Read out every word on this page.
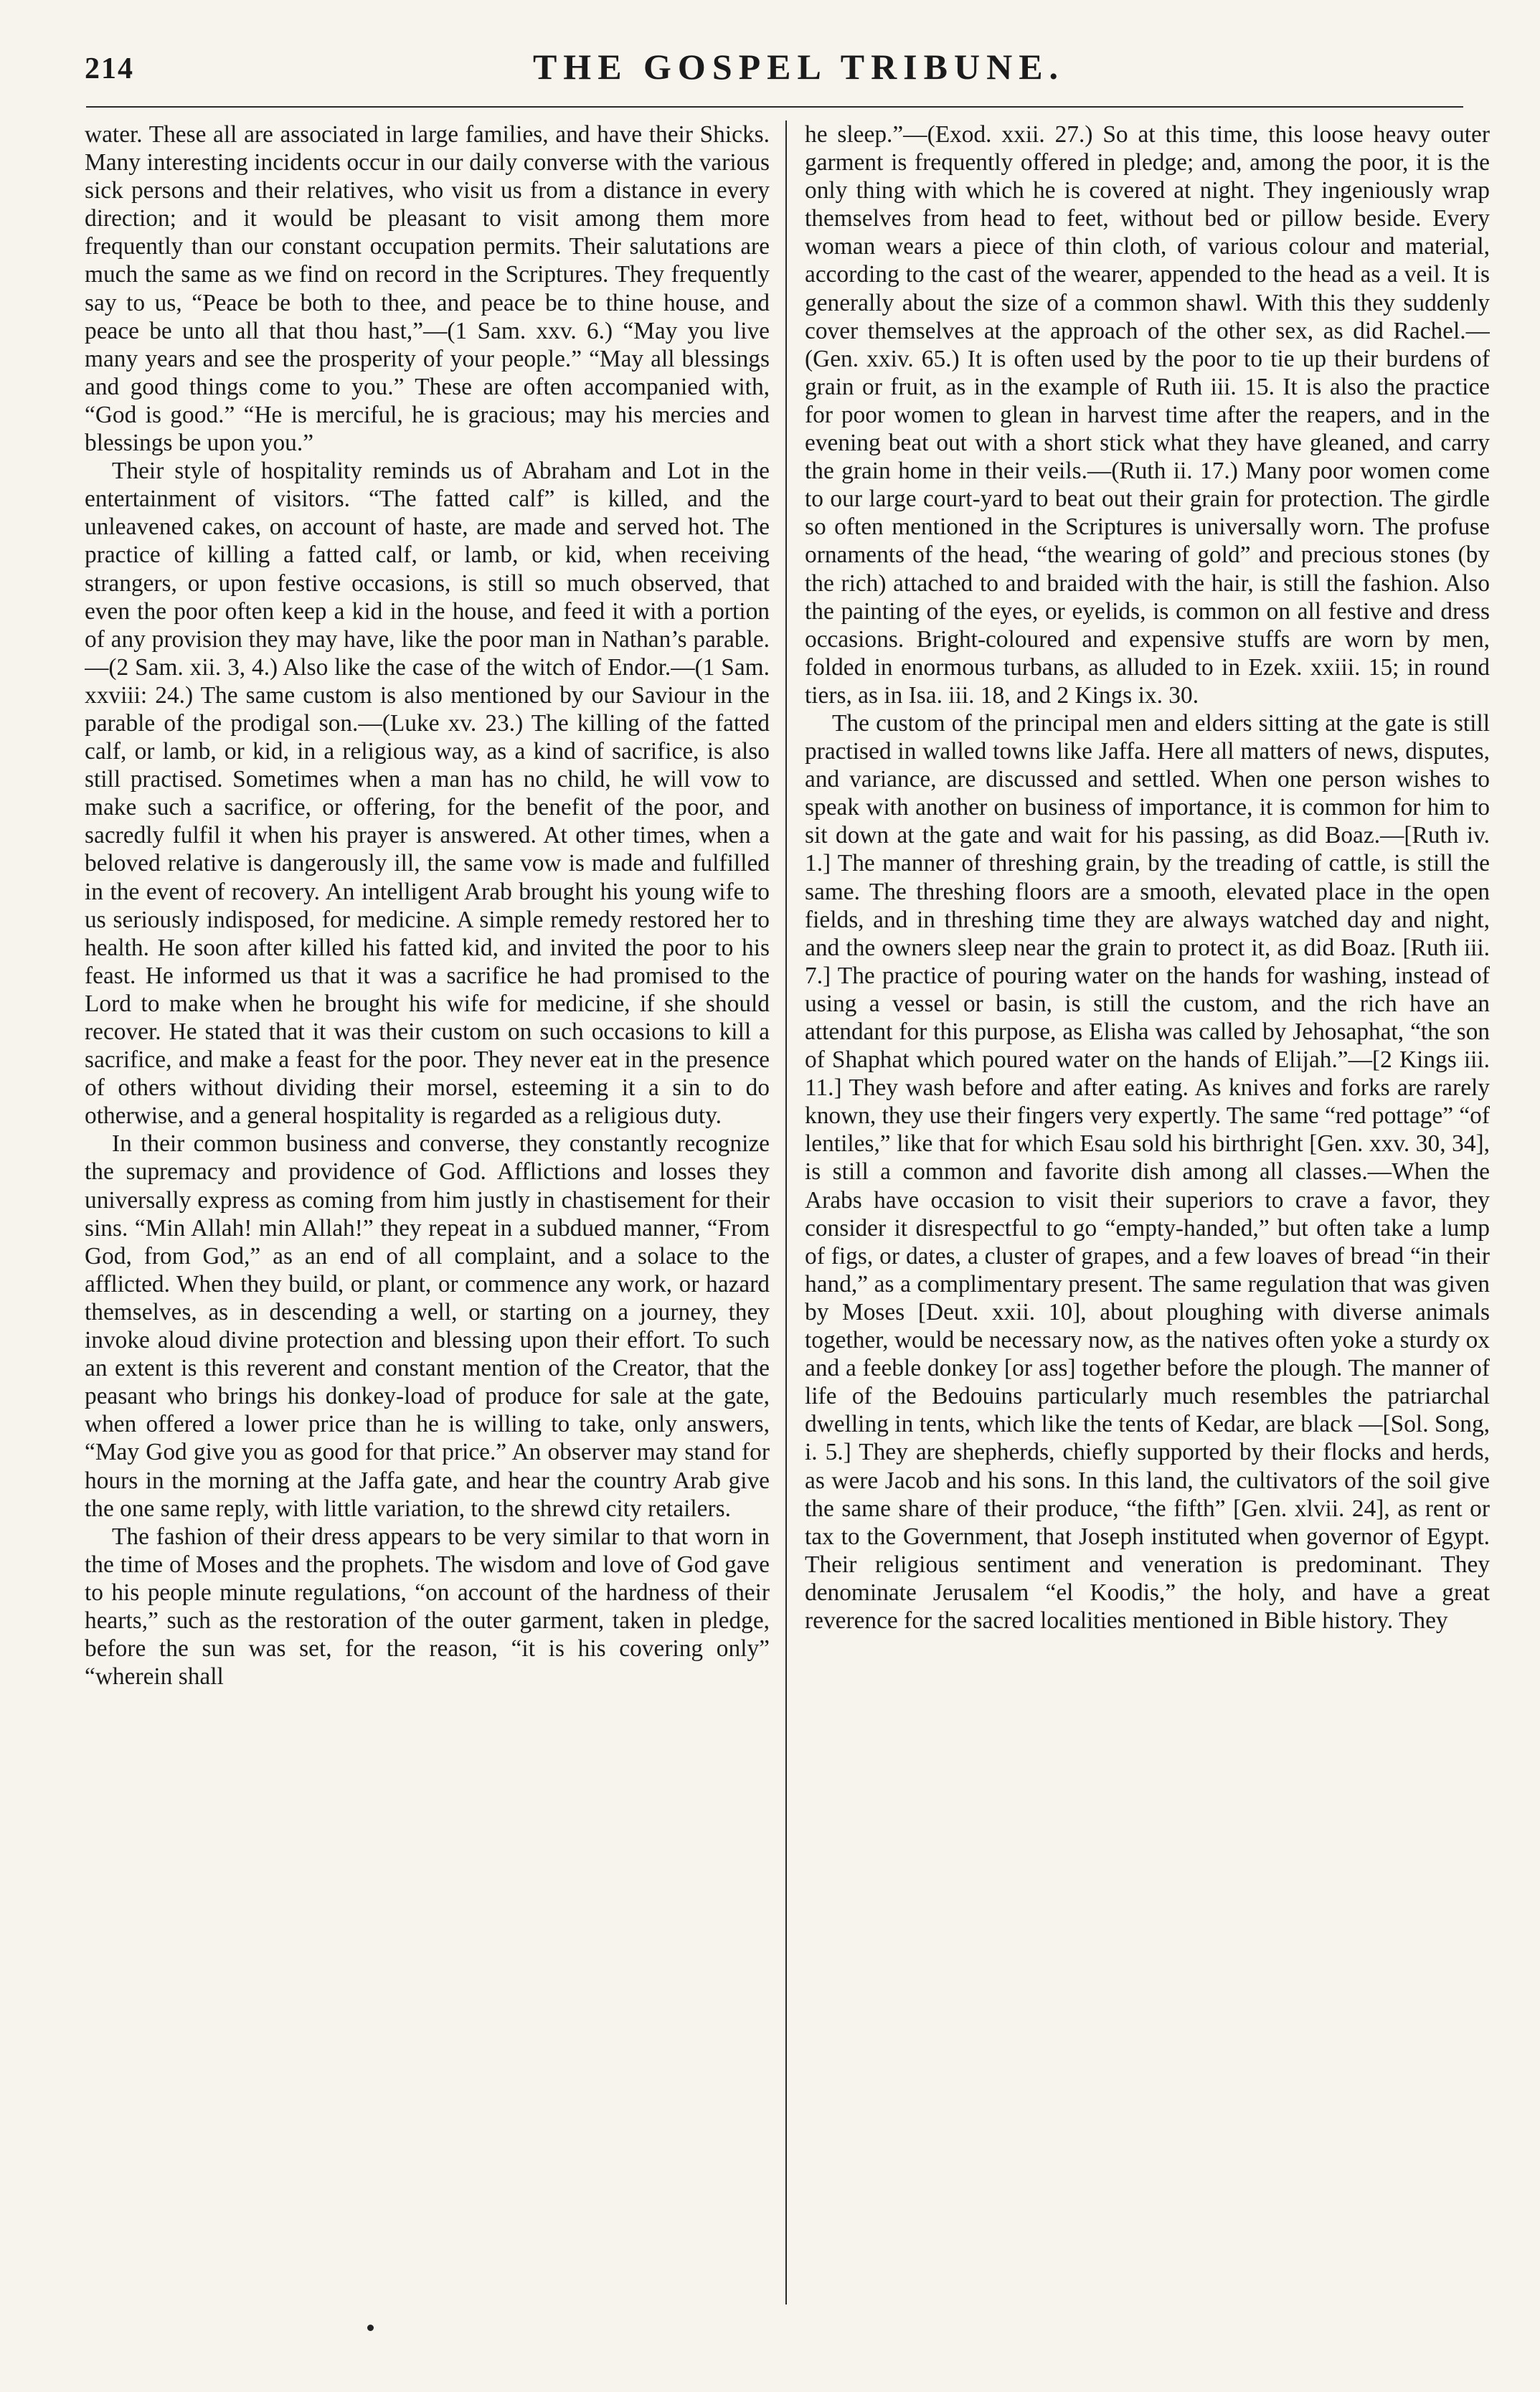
214	THE GOSPEL TRIBUNE.

water. These all are associated in large families, and have their Shicks. Many interesting incidents occur in our daily converse with the various sick persons and their relatives, who visit us from a distance in every direction; and it would be pleasant to visit among them more frequently than our constant occupation permits. Their salutations are much the same as we find on record in the Scriptures. They frequently say to us, “Peace be both to thee, and peace be to thine house, and peace be unto all that thou hast,”—(1 Sam. xxv. 6.) “May you live many years and see the prosperity of your people.” “May all blessings and good things come to you.” These are often accompanied with, “God is good.” “He is merciful, he is gracious; may his mercies and blessings be upon you.”

Their style of hospitality reminds us of Abraham and Lot in the entertainment of visitors. “The fatted calf” is killed, and the unleavened cakes, on account of haste, are made and served hot. The practice of killing a fatted calf, or lamb, or kid, when receiving strangers, or upon festive occasions, is still so much observed, that even the poor often keep a kid in the house, and feed it with a portion of any provision they may have, like the poor man in Nathan’s parable.—(2 Sam. xii. 3, 4.) Also like the case of the witch of Endor.—(1 Sam. xxviii: 24.) The same custom is also mentioned by our Saviour in the parable of the prodigal son.—(Luke xv. 23.) The killing of the fatted calf, or lamb, or kid, in a religious way, as a kind of sacrifice, is also still practised. Sometimes when a man has no child, he will vow to make such a sacrifice, or offering, for the benefit of the poor, and sacredly fulfil it when his prayer is answered. At other times, when a beloved relative is dangerously ill, the same vow is made and fulfilled in the event of recovery. An intelligent Arab brought his young wife to us seriously indisposed, for medicine. A simple remedy restored her to health. He soon after killed his fatted kid, and invited the poor to his feast. He informed us that it was a sacrifice he had promised to the Lord to make when he brought his wife for medicine, if she should recover. He stated that it was their custom on such occasions to kill a sacrifice, and make a feast for the poor. They never eat in the presence of others without dividing their morsel, esteeming it a sin to do otherwise, and a general hospitality is regarded as a religious duty.

In their common business and converse, they constantly recognize the supremacy and providence of God. Afflictions and losses they universally express as coming from him justly in chastisement for their sins. “Min Allah! min Allah!” they repeat in a subdued manner, “From God, from God,” as an end of all complaint, and a solace to the afflicted. When they build, or plant, or commence any work, or hazard themselves, as in descending a well, or starting on a journey, they invoke aloud divine protection and blessing upon their effort. To such an extent is this reverent and constant mention of the Creator, that the peasant who brings his donkey-load of produce for sale at the gate, when offered a lower price than he is willing to take, only answers, “May God give you as good for that price.” An observer may stand for hours in the morning at the Jaffa gate, and hear the country Arab give the one same reply, with little variation, to the shrewd city retailers.

The fashion of their dress appears to be very similar to that worn in the time of Moses and the prophets. The wisdom and love of God gave to his people minute regulations, “on account of the hardness of their hearts,” such as the restoration of the outer garment, taken in pledge, before the sun was set, for the reason, “it is his covering only” “wherein shall

he sleep.”—(Exod. xxii. 27.) So at this time, this loose heavy outer garment is frequently offered in pledge; and, among the poor, it is the only thing with which he is covered at night. They ingeniously wrap themselves from head to feet, without bed or pillow beside. Every woman wears a piece of thin cloth, of various colour and material, according to the cast of the wearer, appended to the head as a veil. It is generally about the size of a common shawl. With this they suddenly cover themselves at the approach of the other sex, as did Rachel.—(Gen. xxiv. 65.) It is often used by the poor to tie up their burdens of grain or fruit, as in the example of Ruth iii. 15. It is also the practice for poor women to glean in harvest time after the reapers, and in the evening beat out with a short stick what they have gleaned, and carry the grain home in their veils.—(Ruth ii. 17.) Many poor women come to our large court-yard to beat out their grain for protection. The girdle so often mentioned in the Scriptures is universally worn. The profuse ornaments of the head, “the wearing of gold” and precious stones (by the rich) attached to and braided with the hair, is still the fashion. Also the painting of the eyes, or eyelids, is common on all festive and dress occasions. Bright-coloured and expensive stuffs are worn by men, folded in enormous turbans, as alluded to in Ezek. xxiii. 15; in round tiers, as in Isa. iii. 18, and 2 Kings ix. 30.

The custom of the principal men and elders sitting at the gate is still practised in walled towns like Jaffa. Here all matters of news, disputes, and variance, are discussed and settled. When one person wishes to speak with another on business of importance, it is common for him to sit down at the gate and wait for his passing, as did Boaz.—[Ruth iv. 1.] The manner of threshing grain, by the treading of cattle, is still the same. The threshing floors are a smooth, elevated place in the open fields, and in threshing time they are always watched day and night, and the owners sleep near the grain to protect it, as did Boaz. [Ruth iii. 7.] The practice of pouring water on the hands for washing, instead of using a vessel or basin, is still the custom, and the rich have an attendant for this purpose, as Elisha was called by Jehosaphat, “the son of Shaphat which poured water on the hands of Elijah.”—[2 Kings iii. 11.] They wash before and after eating. As knives and forks are rarely known, they use their fingers very expertly. The same “red pottage” “of lentiles,” like that for which Esau sold his birthright [Gen. xxv. 30, 34], is still a common and favorite dish among all classes.—When the Arabs have occasion to visit their superiors to crave a favor, they consider it disrespectful to go “empty-handed,” but often take a lump of figs, or dates, a cluster of grapes, and a few loaves of bread “in their hand,” as a complimentary present. The same regulation that was given by Moses [Deut. xxii. 10], about ploughing with diverse animals together, would be necessary now, as the natives often yoke a sturdy ox and a feeble donkey [or ass] together before the plough. The manner of life of the Bedouins particularly much resembles the patriarchal dwelling in tents, which like the tents of Kedar, are black —[Sol. Song, i. 5.] They are shepherds, chiefly supported by their flocks and herds, as were Jacob and his sons. In this land, the cultivators of the soil give the same share of their produce, “the fifth” [Gen. xlvii. 24], as rent or tax to the Government, that Joseph instituted when governor of Egypt. Their religious sentiment and veneration is predominant. They denominate Jerusalem “el Koodis,” the holy, and have a great reverence for the sacred localities mentioned in Bible history. They
